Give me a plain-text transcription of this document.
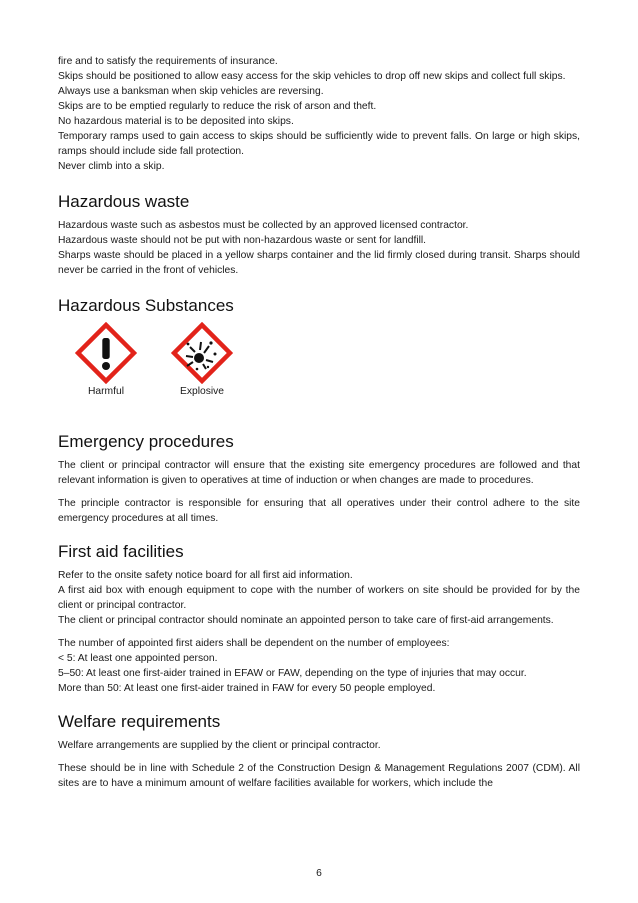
fire and to satisfy the requirements of insurance.

Skips should be positioned to allow easy access for the skip vehicles to drop off new skips and collect full skips.

Always use a banksman when skip vehicles are reversing.

Skips are to be emptied regularly to reduce the risk of arson and theft.

No hazardous material is to be deposited into skips.

Temporary ramps used to gain access to skips should be sufficiently wide to prevent falls. On large or high skips, ramps should include side fall protection.

Never climb into a skip.

Hazardous waste

Hazardous waste such as asbestos must be collected by an approved licensed contractor.

Hazardous waste should not be put with non-hazardous waste or sent for landfill.

Sharps waste should be placed in a yellow sharps container and the lid firmly closed during transit. Sharps should never be carried in the front of vehicles.

Hazardous Substances
Harmful	Explosive
Emergency procedures

The client or principal contractor will ensure that the existing site emergency procedures are followed and that relevant information is given to operatives at time of induction or when changes are made to procedures.

The principle contractor is responsible for ensuring that all operatives under their control adhere to the site emergency procedures at all times.

First aid facilities

Refer to the onsite safety notice board for all first aid information.

A first aid box with enough equipment to cope with the number of workers on site should be provided for by the client or principal contractor.

The client or principal contractor should nominate an appointed person to take care of first-aid arrangements.

The number of appointed first aiders shall be dependent on the number of employees:

< 5: At least one appointed person.

5–50: At least one first-aider trained in EFAW or FAW, depending on the type of injuries that may occur.

More than 50: At least one first-aider trained in FAW for every 50 people employed.

Welfare requirements

Welfare arrangements are supplied by the client or principal contractor.

These should be in line with Schedule 2 of the Construction Design & Management Regulations 2007 (CDM). All sites are to have a minimum amount of welfare facilities available for workers, which include the

6
